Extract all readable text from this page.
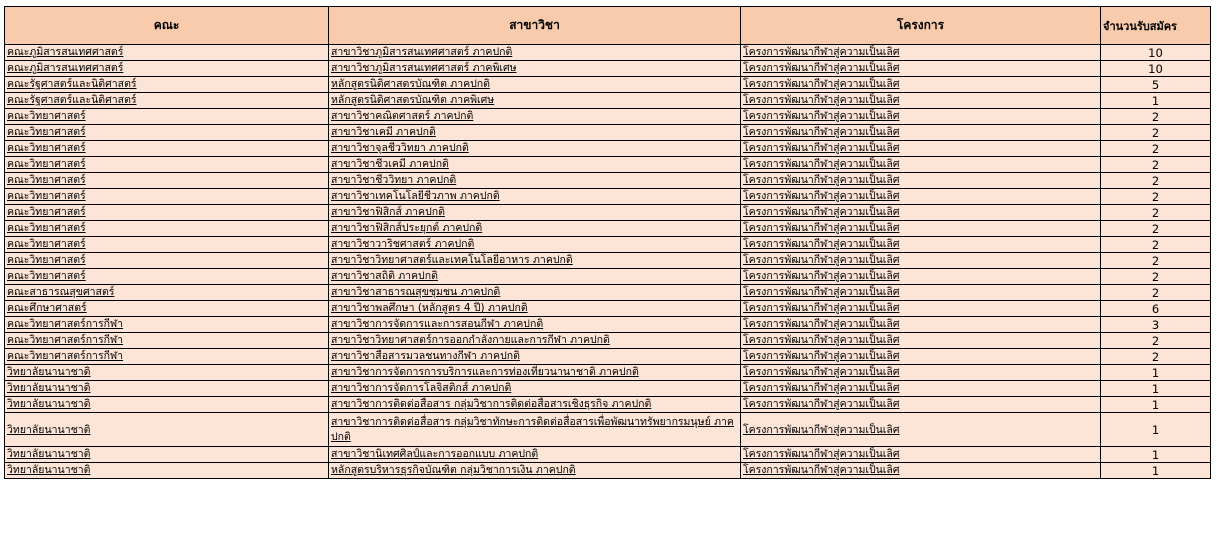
คณะ	สาขาวิชา	โครงการ	จำนวนรับสมัคร
คณะภูมิสารสนเทศศาสตร์	สาขาวิชาภูมิสารสนเทศศาสตร์ ภาคปกติ	โครงการพัฒนากีฬาสู่ความเป็นเลิศ	10
คณะภูมิสารสนเทศศาสตร์	สาขาวิชาภูมิสารสนเทศศาสตร์ ภาคพิเศษ	โครงการพัฒนากีฬาสู่ความเป็นเลิศ	10
คณะรัฐศาสตร์และนิติศาสตร์	หลักสูตรนิติศาสตรบัณฑิต ภาคปกติ	โครงการพัฒนากีฬาสู่ความเป็นเลิศ	5
คณะรัฐศาสตร์และนิติศาสตร์	หลักสูตรนิติศาสตรบัณฑิต ภาคพิเศษ	โครงการพัฒนากีฬาสู่ความเป็นเลิศ	1
คณะวิทยาศาสตร์	สาขาวิชาคณิตศาสตร์ ภาคปกติ	โครงการพัฒนากีฬาสู่ความเป็นเลิศ	2
คณะวิทยาศาสตร์	สาขาวิชาเคมี ภาคปกติ	โครงการพัฒนากีฬาสู่ความเป็นเลิศ	2
คณะวิทยาศาสตร์	สาขาวิชาจุลชีววิทยา ภาคปกติ	โครงการพัฒนากีฬาสู่ความเป็นเลิศ	2
คณะวิทยาศาสตร์	สาขาวิชาชีวเคมี ภาคปกติ	โครงการพัฒนากีฬาสู่ความเป็นเลิศ	2
คณะวิทยาศาสตร์	สาขาวิชาชีววิทยา ภาคปกติ	โครงการพัฒนากีฬาสู่ความเป็นเลิศ	2
คณะวิทยาศาสตร์	สาขาวิชาเทคโนโลยีชีวภาพ ภาคปกติ	โครงการพัฒนากีฬาสู่ความเป็นเลิศ	2
คณะวิทยาศาสตร์	สาขาวิชาฟิสิกส์ ภาคปกติ	โครงการพัฒนากีฬาสู่ความเป็นเลิศ	2
คณะวิทยาศาสตร์	สาขาวิชาฟิสิกส์ประยุกต์ ภาคปกติ	โครงการพัฒนากีฬาสู่ความเป็นเลิศ	2
คณะวิทยาศาสตร์	สาขาวิชาวาริชศาสตร์ ภาคปกติ	โครงการพัฒนากีฬาสู่ความเป็นเลิศ	2
คณะวิทยาศาสตร์	สาขาวิชาวิทยาศาสตร์และเทคโนโลยีอาหาร ภาคปกติ	โครงการพัฒนากีฬาสู่ความเป็นเลิศ	2
คณะวิทยาศาสตร์	สาขาวิชาสถิติ ภาคปกติ	โครงการพัฒนากีฬาสู่ความเป็นเลิศ	2
คณะสาธารณสุขศาสตร์	สาขาวิชาสาธารณสุขชุมชน ภาคปกติ	โครงการพัฒนากีฬาสู่ความเป็นเลิศ	2
คณะศึกษาศาสตร์	สาขาวิชาพลศึกษา (หลักสูตร 4 ปี) ภาคปกติ	โครงการพัฒนากีฬาสู่ความเป็นเลิศ	6
คณะวิทยาศาสตร์การกีฬา	สาขาวิชาการจัดการและการสอนกีฬา ภาคปกติ	โครงการพัฒนากีฬาสู่ความเป็นเลิศ	3
คณะวิทยาศาสตร์การกีฬา	สาขาวิชาวิทยาศาสตร์การออกกำลังกายและการกีฬา ภาคปกติ	โครงการพัฒนากีฬาสู่ความเป็นเลิศ	2
คณะวิทยาศาสตร์การกีฬา	สาขาวิชาสื่อสารมวลชนทางกีฬา ภาคปกติ	โครงการพัฒนากีฬาสู่ความเป็นเลิศ	2
วิทยาลัยนานาชาติ	สาขาวิชาการจัดการการบริการและการท่องเที่ยวนานาชาติ ภาคปกติ	โครงการพัฒนากีฬาสู่ความเป็นเลิศ	1
วิทยาลัยนานาชาติ	สาขาวิชาการจัดการโลจิสติกส์ ภาคปกติ	โครงการพัฒนากีฬาสู่ความเป็นเลิศ	1
วิทยาลัยนานาชาติ	สาขาวิชาการติดต่อสื่อสาร กลุ่มวิชาการติดต่อสื่อสารเชิงธุรกิจ ภาคปกติ	โครงการพัฒนากีฬาสู่ความเป็นเลิศ	1
วิทยาลัยนานาชาติ	สาขาวิชาการติดต่อสื่อสาร กลุ่มวิชาทักษะการติดต่อสื่อสารเพื่อพัฒนาทรัพยากรมนุษย์ ภาคปกติ	โครงการพัฒนากีฬาสู่ความเป็นเลิศ	1
วิทยาลัยนานาชาติ	สาขาวิชานิเทศศิลป์และการออกแบบ ภาคปกติ	โครงการพัฒนากีฬาสู่ความเป็นเลิศ	1
วิทยาลัยนานาชาติ	หลักสูตรบริหารธุรกิจบัณฑิต กลุ่มวิชาการเงิน ภาคปกติ	โครงการพัฒนากีฬาสู่ความเป็นเลิศ	1
